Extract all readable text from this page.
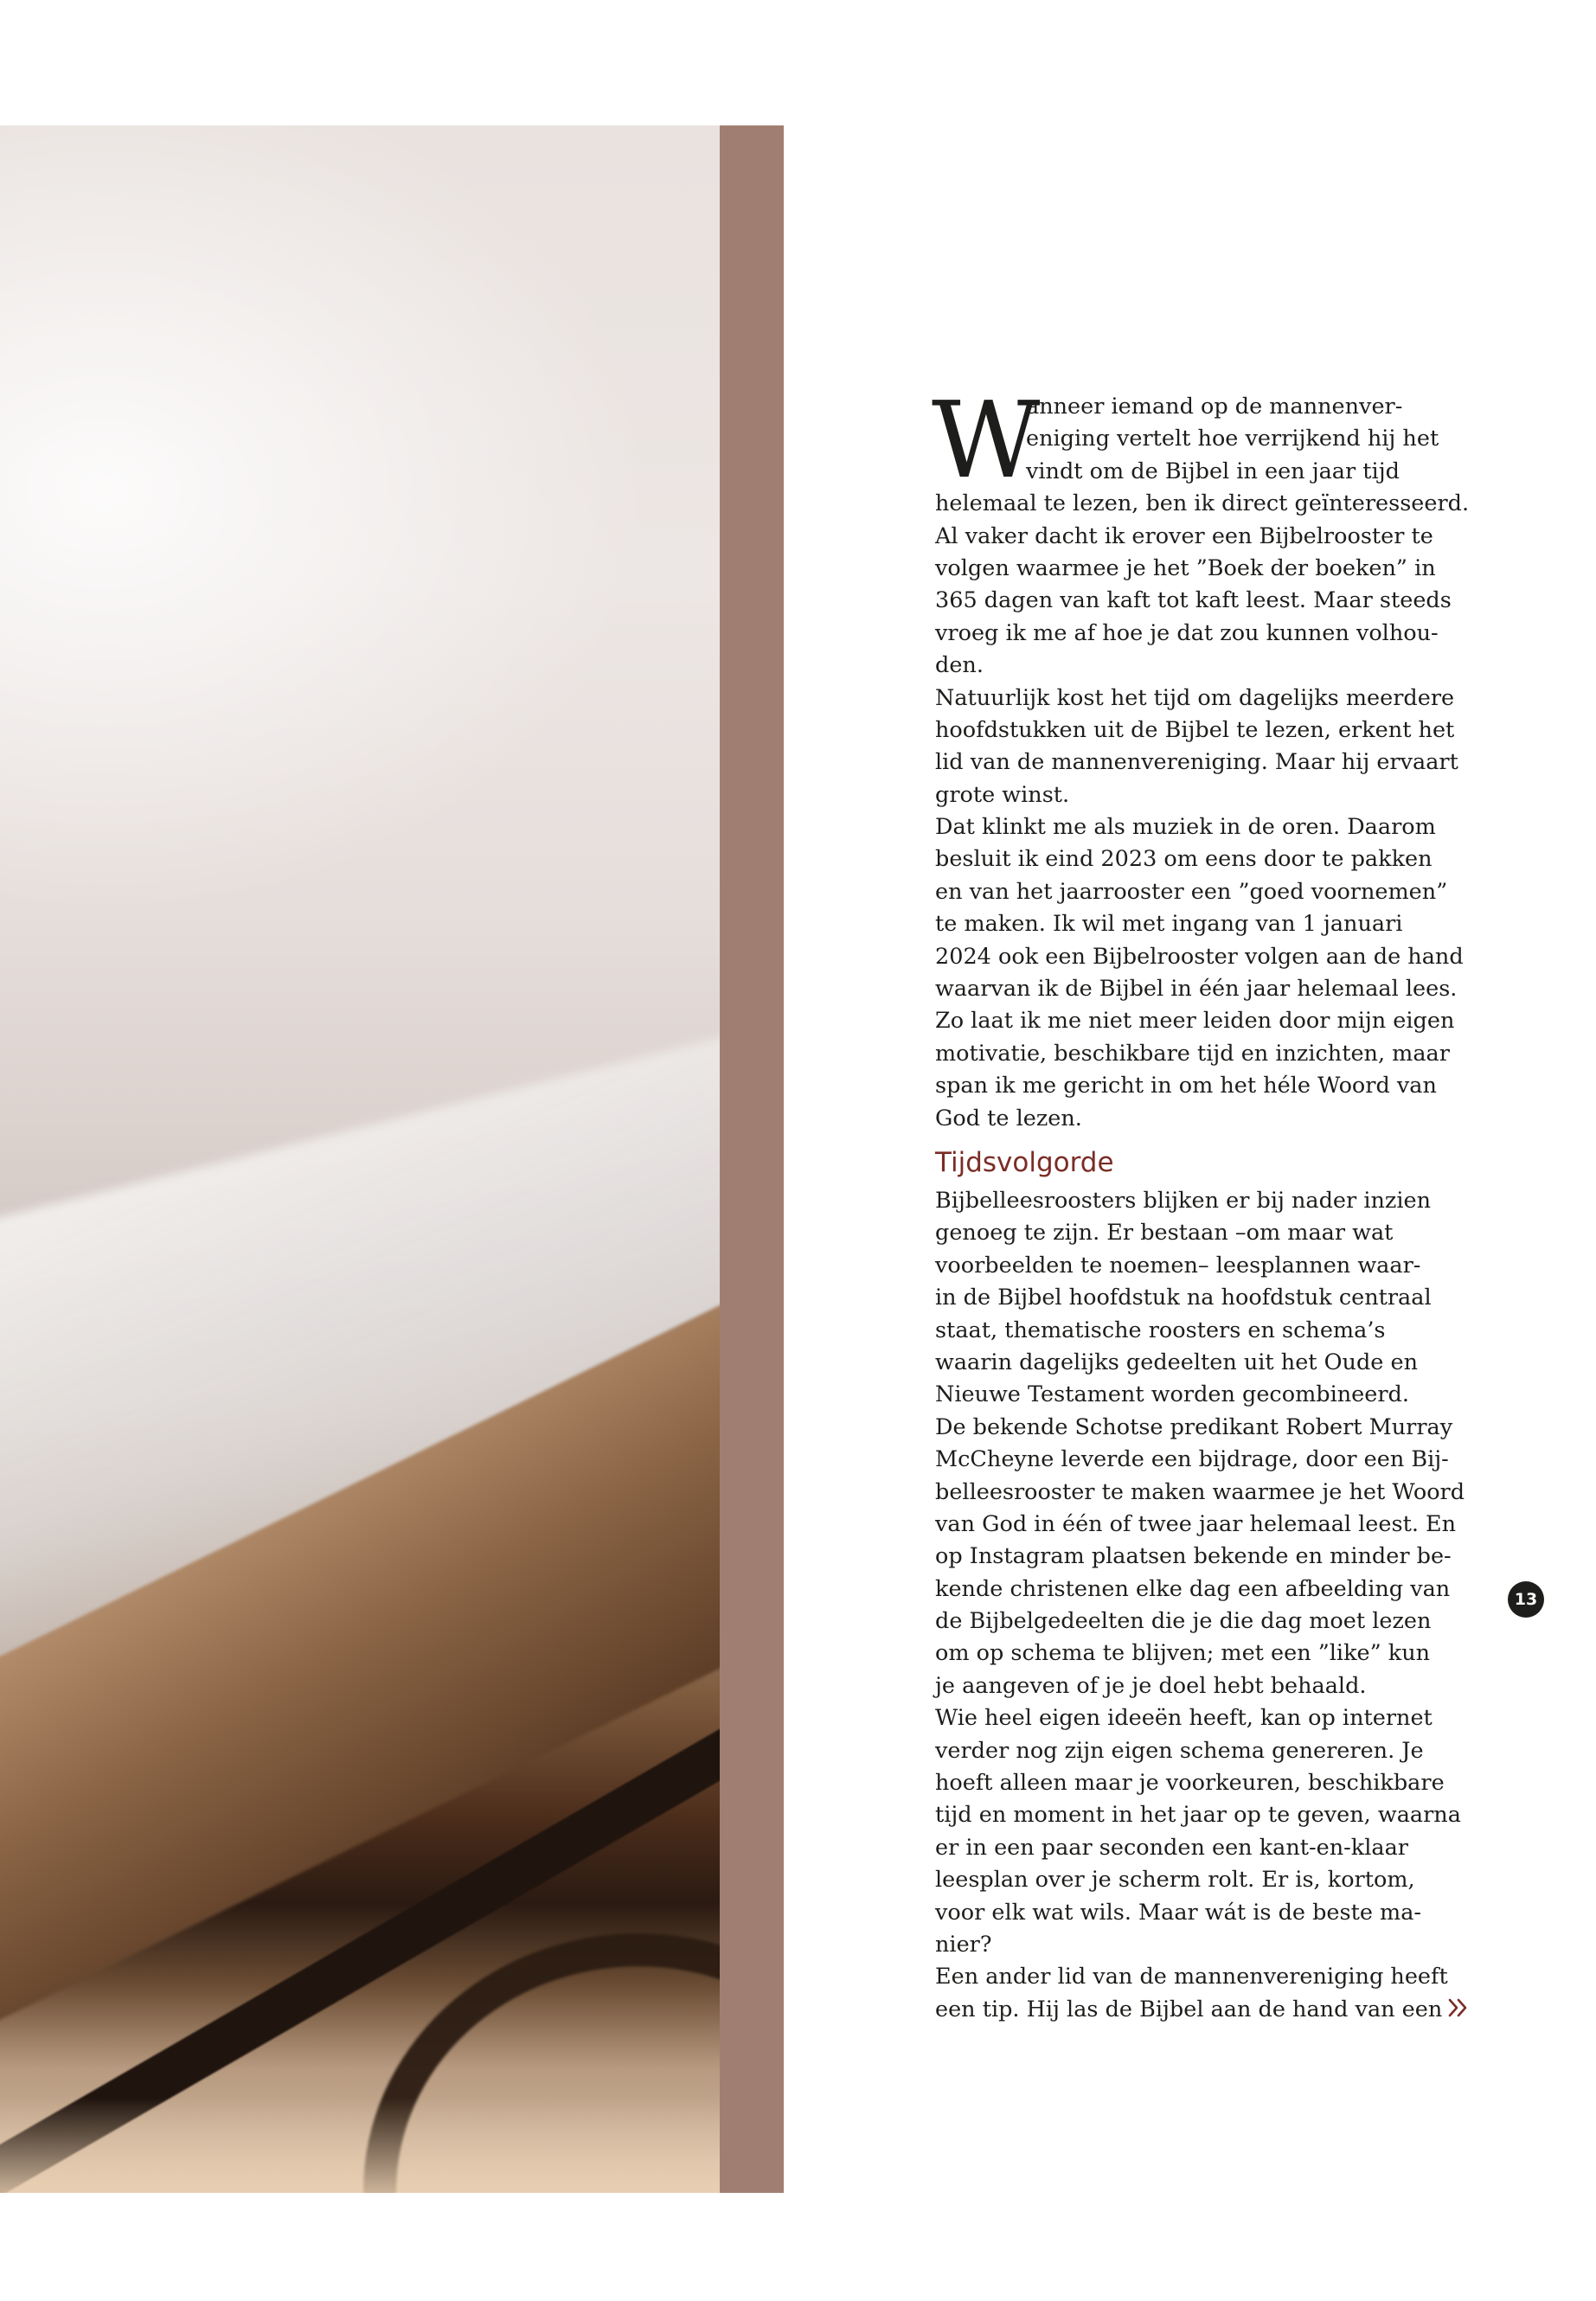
W
anneer iemand op de mannenver-
eniging vertelt hoe verrijkend hij het
vindt om de Bijbel in een jaar tijd
helemaal te lezen, ben ik direct geïnteresseerd.
Al vaker dacht ik erover een Bijbelrooster te
volgen waarmee je het ”Boek der boeken” in
365 dagen van kaft tot kaft leest. Maar steeds
vroeg ik me af hoe je dat zou kunnen volhou-
den.
Natuurlijk kost het tijd om dagelijks meerdere
hoofdstukken uit de Bijbel te lezen, erkent het
lid van de mannenvereniging. Maar hij ervaart
grote winst.
Dat klinkt me als muziek in de oren. Daarom
besluit ik eind 2023 om eens door te pakken
en van het jaarrooster een ”goed voornemen”
te maken. Ik wil met ingang van 1 januari
2024 ook een Bijbelrooster volgen aan de hand
waarvan ik de Bijbel in één jaar helemaal lees.
Zo laat ik me niet meer leiden door mijn eigen
motivatie, beschikbare tijd en inzichten, maar
span ik me gericht in om het héle Woord van
God te lezen.
Tijdsvolgorde
Bijbelleesroosters blijken er bij nader inzien
genoeg te zijn. Er bestaan –om maar wat
voorbeelden te noemen– leesplannen waar-
in de Bijbel hoofdstuk na hoofdstuk centraal
staat, thematische roosters en schema’s
waarin dagelijks gedeelten uit het Oude en
Nieuwe Testament worden gecombineerd.
De bekende Schotse predikant Robert Murray
McCheyne leverde een bijdrage, door een Bij-
belleesrooster te maken waarmee je het Woord
van God in één of twee jaar helemaal leest. En
op Instagram plaatsen bekende en minder be-
kende christenen elke dag een afbeelding van
de Bijbelgedeelten die je die dag moet lezen
om op schema te blijven; met een ”like” kun
je aangeven of je je doel hebt behaald.
Wie heel eigen ideeën heeft, kan op internet
verder nog zijn eigen schema genereren. Je
hoeft alleen maar je voorkeuren, beschikbare
tijd en moment in het jaar op te geven, waarna
er in een paar seconden een kant-en-klaar
leesplan over je scherm rolt. Er is, kortom,
voor elk wat wils. Maar wát is de beste ma-
nier?
Een ander lid van de mannenvereniging heeft
een tip. Hij las de Bijbel aan de hand van een
13
